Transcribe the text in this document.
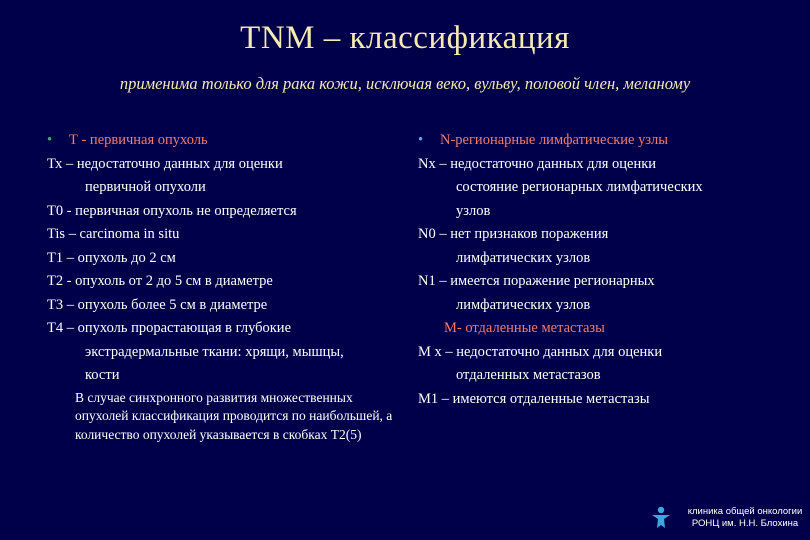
TNM – классификация
применима только для рака кожи, исключая веко, вульву, половой член, меланому
• Т - первичная опухоль
Тх – недостаточно данных для оценки
первичной опухоли
Т0 - первичная опухоль не определяется
Tis – carcinoma in situ
Т1 – опухоль до 2 см
Т2 - опухоль от 2 до 5 см в диаметре
Т3 – опухоль более 5 см в диаметре
Т4 – опухоль прорастающая в глубокие
экстрадермальные ткани: хрящи, мышцы,
кости
В случае синхронного развития множественных опухолей классификация проводится по наибольшей, а количество опухолей указывается в скобках Т2(5)
• N-регионарные лимфатические узлы
Nx – недостаточно данных для оценки
состояние регионарных лимфатических
узлов
N0 – нет признаков поражения
лимфатических узлов
N1 – имеется поражение регионарных
лимфатических узлов
М- отдаленные метастазы
М х – недостаточно данных для оценки
отдаленных метастазов
М1 – имеются отдаленные метастазы
клиника общей онкологии
РОНЦ им. Н.Н. Блохина
